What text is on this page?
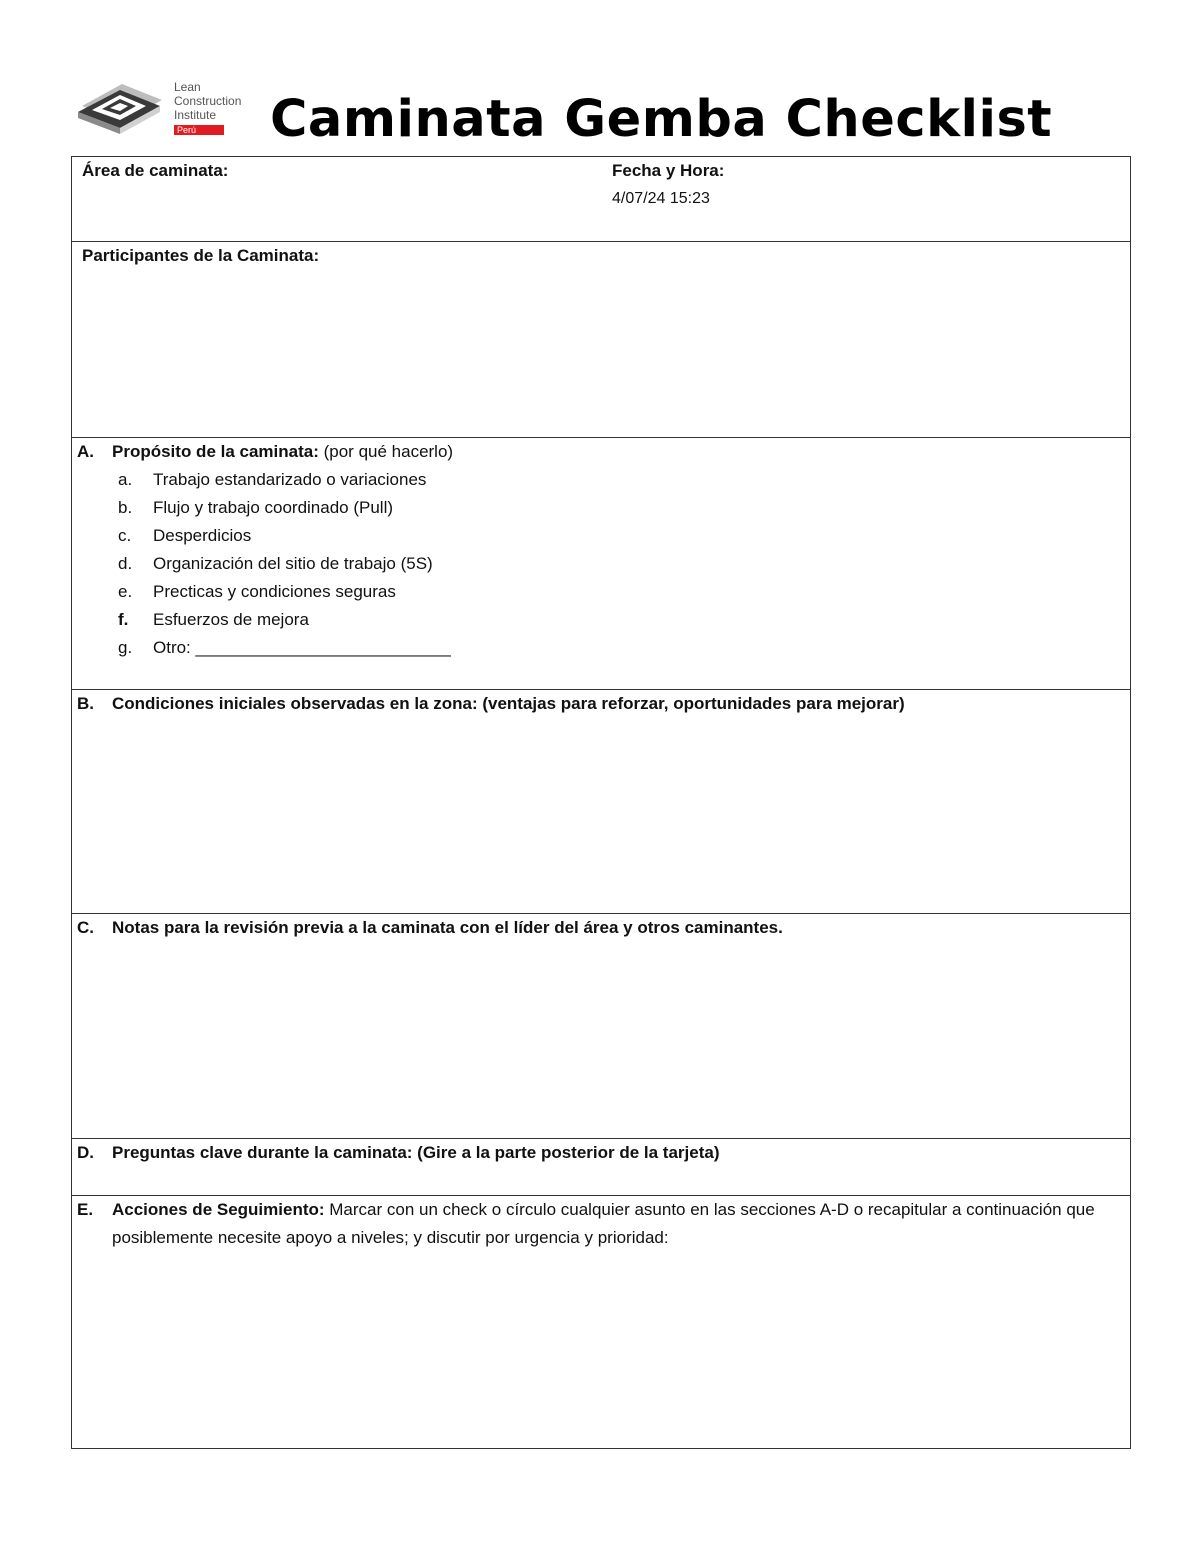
Lean
Construction
Institute
Perú	Caminata Gemba Checklist
Área de caminata:	Fecha y Hora:
4/07/24 15:23
Participantes de la Caminata:
A.	Propósito de la caminata: (por qué hacerlo)
a.	Trabajo estandarizado o variaciones
b.	Flujo y trabajo coordinado (Pull)
c.	Desperdicios
d.	Organización del sitio de trabajo (5S)
e.	Precticas y condiciones seguras
f.	Esfuerzos de mejora
g.	Otro: ___________________________
B.	Condiciones iniciales observadas en la zona: (ventajas para reforzar, oportunidades para mejorar)
C.	Notas para la revisión previa a la caminata con el líder del área y otros caminantes.
D.	Preguntas clave durante la caminata: (Gire a la parte posterior de la tarjeta)
E.	Acciones de Seguimiento: Marcar con un check o círculo cualquier asunto en las secciones A-D o recapitular a continuación que posiblemente necesite apoyo a niveles; y discutir por urgencia y prioridad:
